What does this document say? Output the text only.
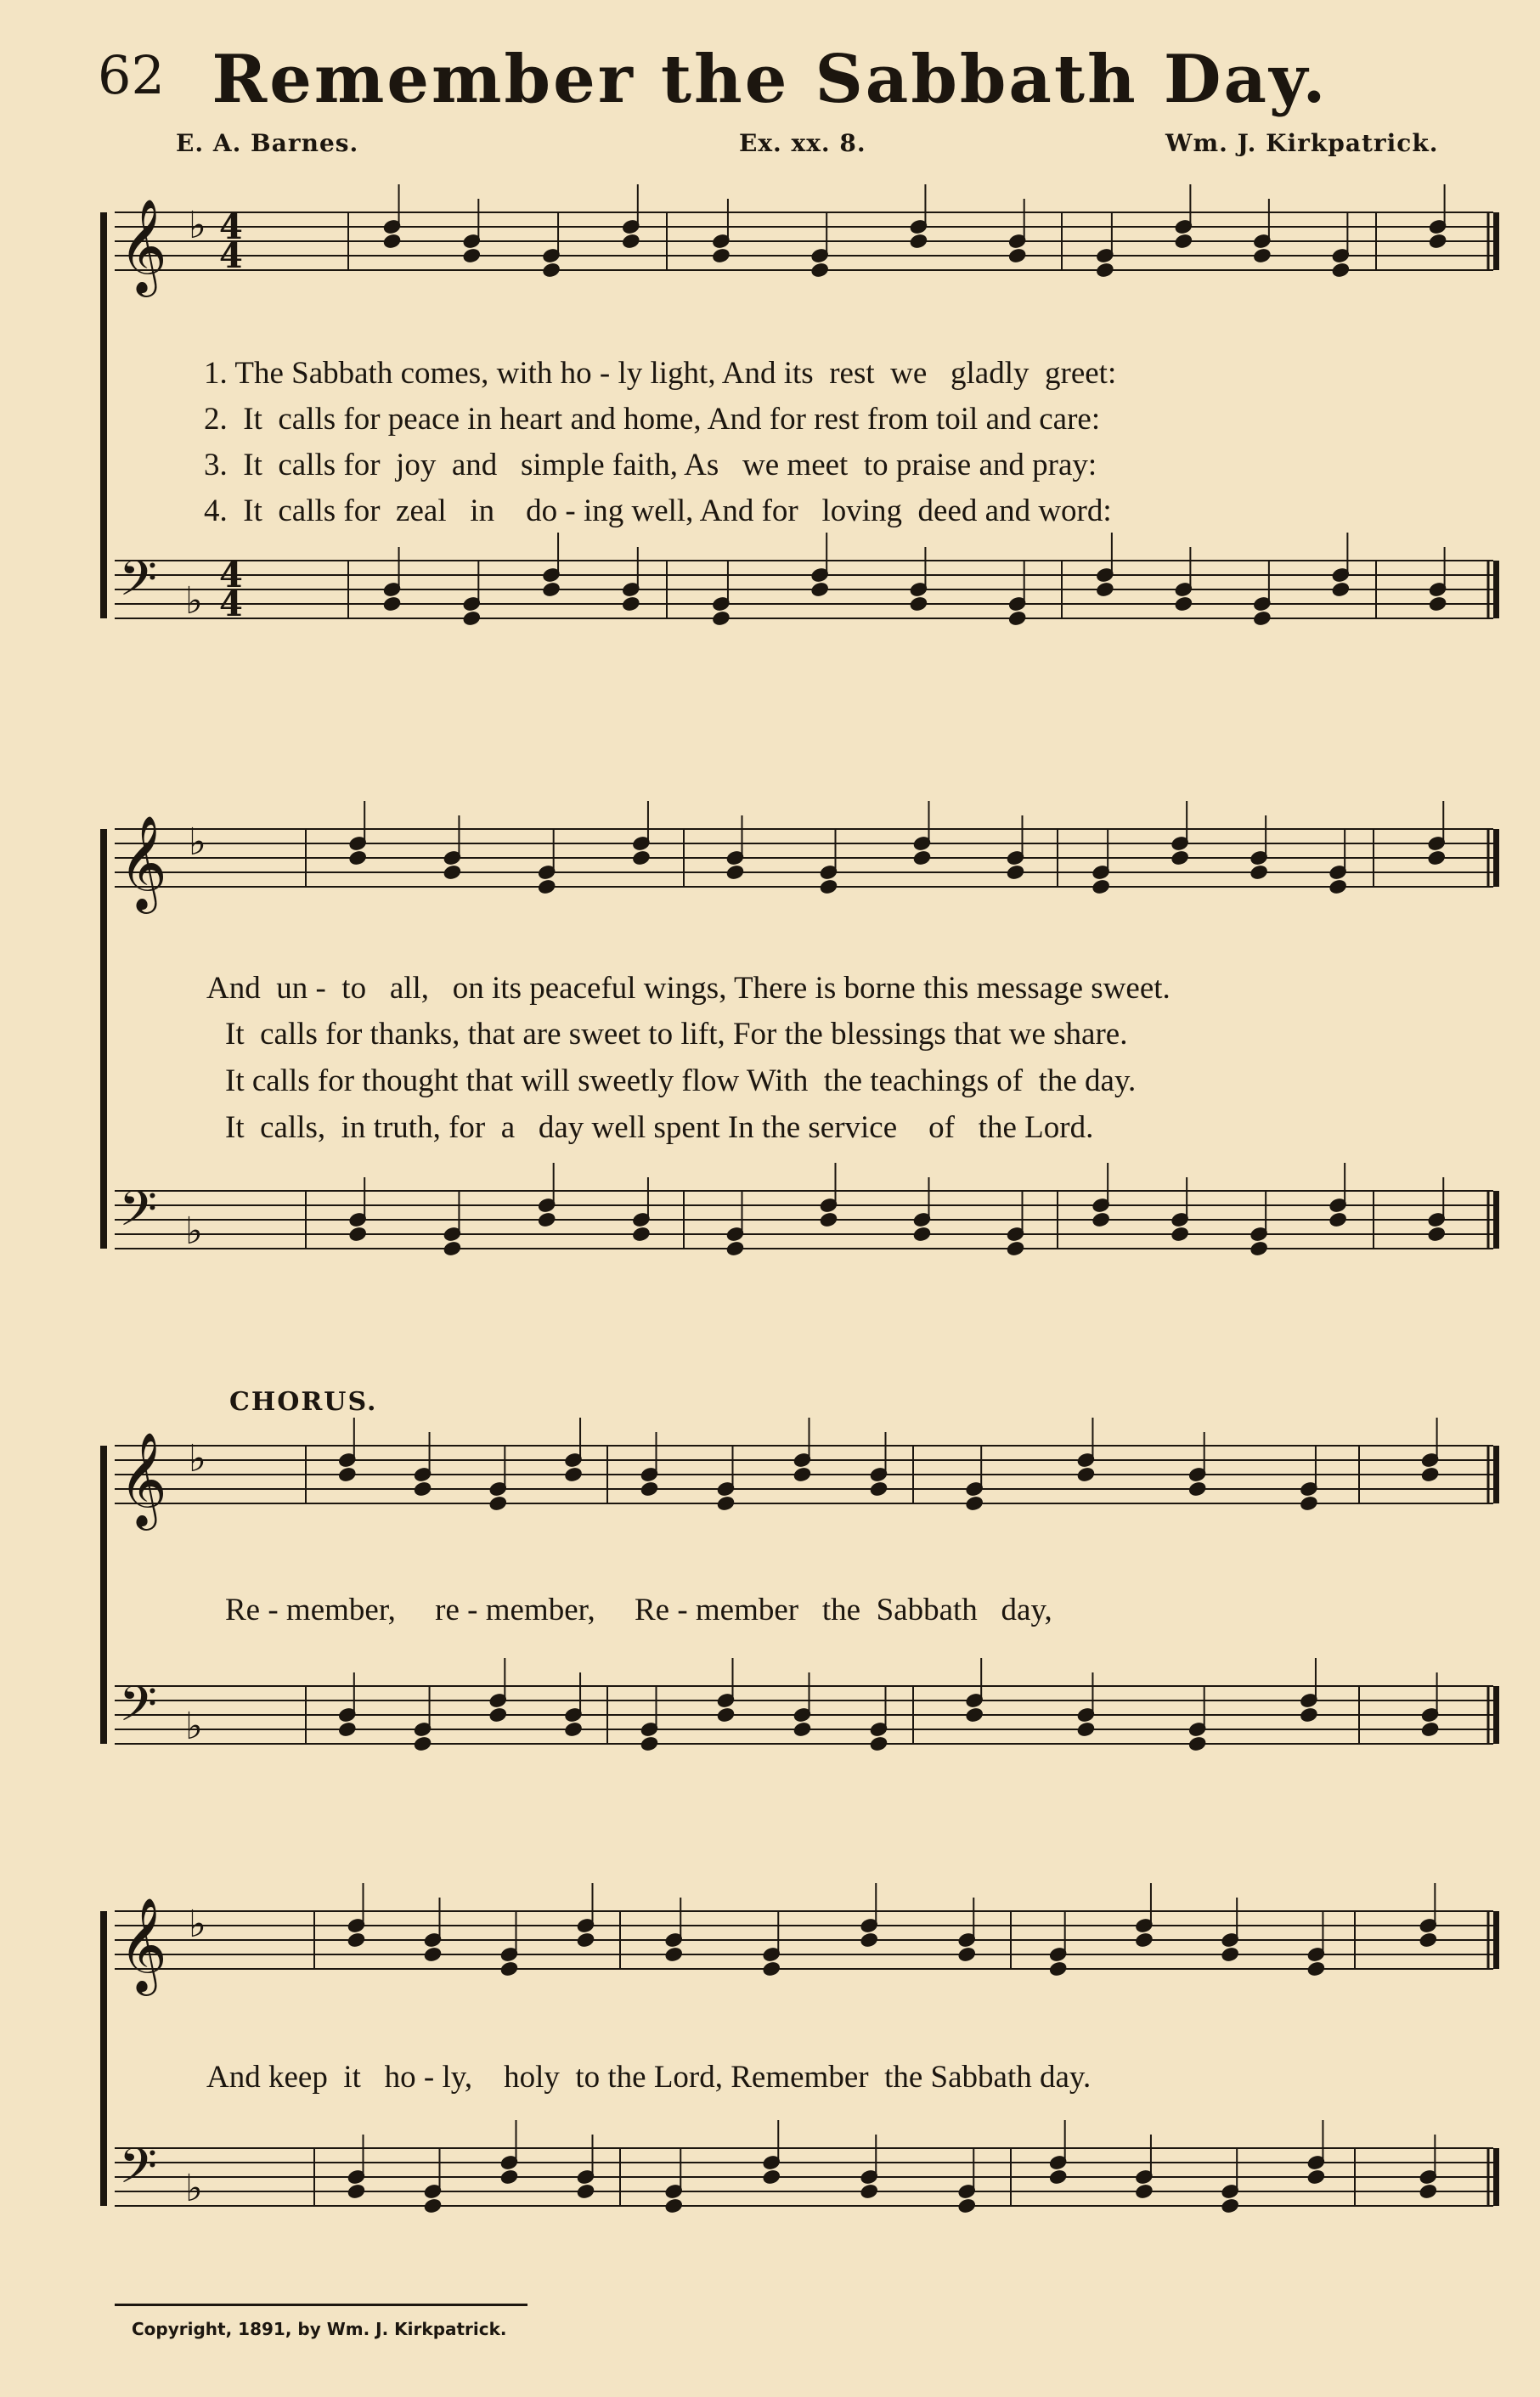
62 Remember the Sabbath Day.
E. A. Barnes.	Ex. xx. 8.	Wm. J. Kirkpatrick.
𝄞 ♭ 4
4
𝄢 ♭
4
4
𝄞 ♭
𝄢 ♭
𝄞 ♭
𝄢 ♭
𝄞 ♭
𝄢 ♭
1. The Sabbath comes, with ho - ly light, And its  rest  we   gladly  greet:
2. It  calls for peace in heart and home, And for rest from toil and care:
3. It  calls for  joy  and   simple faith, As   we meet  to praise and pray:
4. It  calls for  zeal   in    do - ing well, And for   loving  deed and word:
And  un -  to   all,   on its peaceful wings, There is borne this message sweet.
It  calls for thanks, that are sweet to lift, For the blessings that we share.
It calls for thought that will sweetly flow With  the teachings of  the day.
It  calls,  in truth, for  a   day well spent In the service    of   the Lord.
CHORUS.
Re - member,     re - member,     Re - member   the  Sabbath   day,
And keep  it   ho - ly,    holy  to the Lord, Remember  the Sabbath day.
Copyright, 1891, by Wm. J. Kirkpatrick.
